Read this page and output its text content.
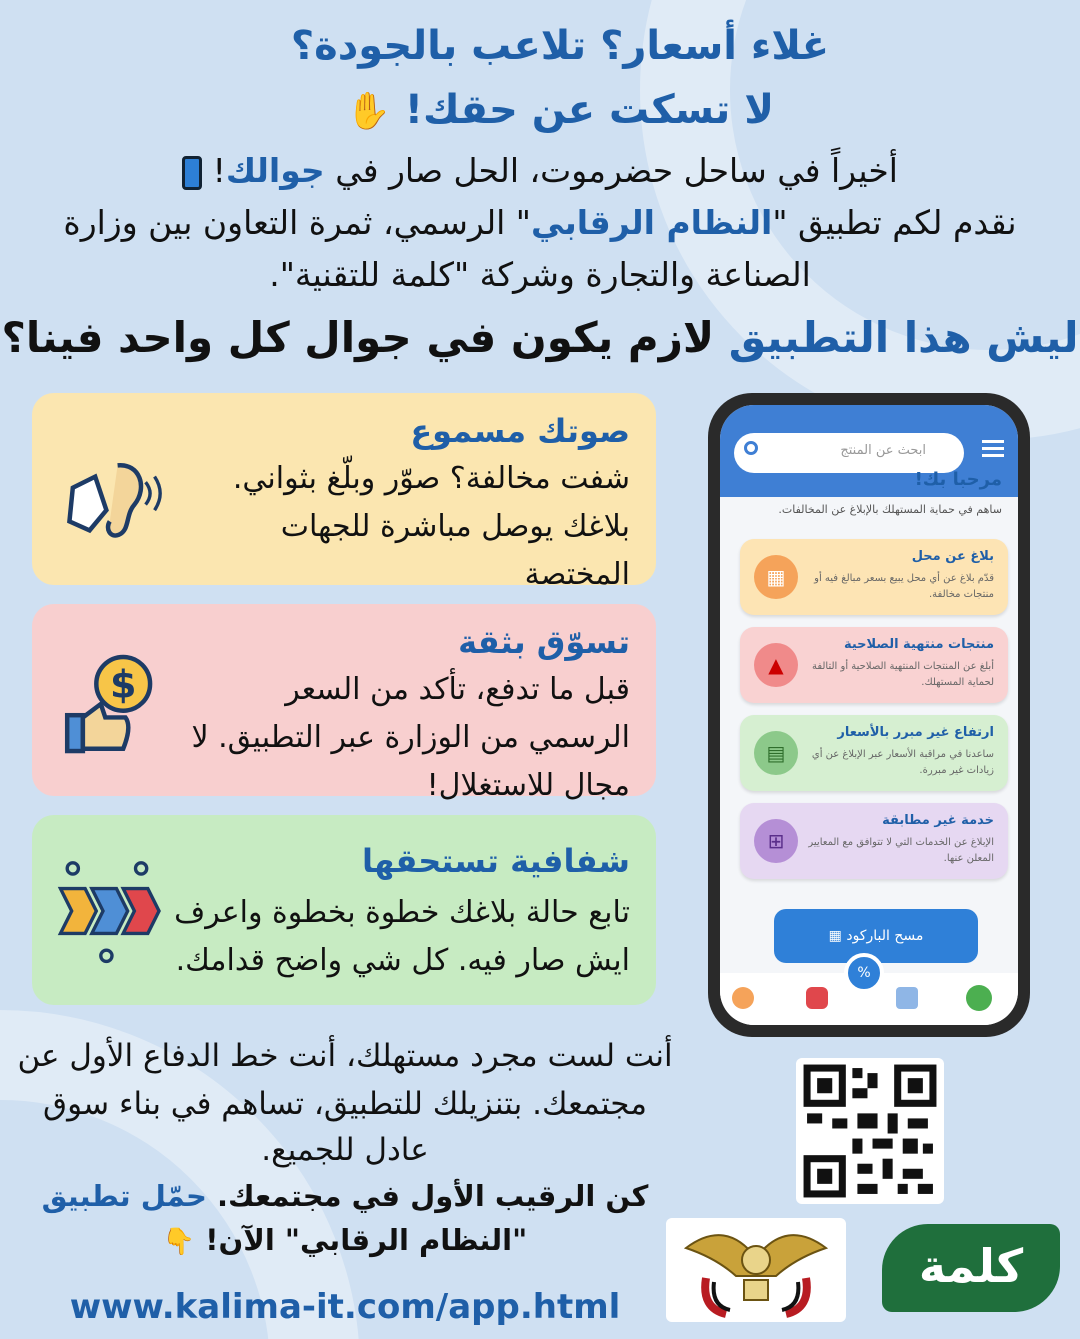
غلاء أسعار؟ تلاعب بالجودة؟
لا تسكت عن حقك! ✋
أخيراً في ساحل حضرموت، الحل صار في جوالك!
نقدم لكم تطبيق "النظام الرقابي" الرسمي، ثمرة التعاون بين وزارة
الصناعة والتجارة وشركة "كلمة للتقنية".
ليش هذا التطبيق لازم يكون في جوال كل واحد فينا؟
صوتك مسموع
شفت مخالفة؟ صوّر وبلّغ بثواني.
بلاغك يوصل مباشرة للجهات
المختصة
تسوّق بثقة
قبل ما تدفع، تأكد من السعر
الرسمي من الوزارة عبر التطبيق. لا
مجال للاستغلال!
$
شفافية تستحقها
تابع حالة بلاغك خطوة بخطوة واعرف
ايش صار فيه. كل شي واضح قدامك.
ابحث عن المنتج
مرحبا بك!
ساهم في حماية المستهلك بالإبلاغ عن المخالفات.
بلاغ عن محل
قدّم بلاغ عن أي محل يبيع بسعر مبالغ فيه أو منتجات مخالفة.
▦
منتجات منتهية الصلاحية
أبلغ عن المنتجات المنتهية الصلاحية أو التالفة لحماية المستهلك.
▲
ارتفاع غير مبرر بالأسعار
ساعدنا في مراقبة الأسعار عبر الإبلاغ عن أي زيادات غير مبررة.
▤
خدمة غير مطابقة
الإبلاغ عن الخدمات التي لا تتوافق مع المعايير المعلن عنها.
⊞
مسح الباركود ▦
%
أنت لست مجرد مستهلك، أنت خط الدفاع الأول عن
مجتمعك. بتنزيلك للتطبيق، تساهم في بناء سوق
عادل للجميع.
كن الرقيب الأول في مجتمعك. حمّل تطبيق
"النظام الرقابي" الآن! 👇
www.kalima-it.com/app.html
كلمة
